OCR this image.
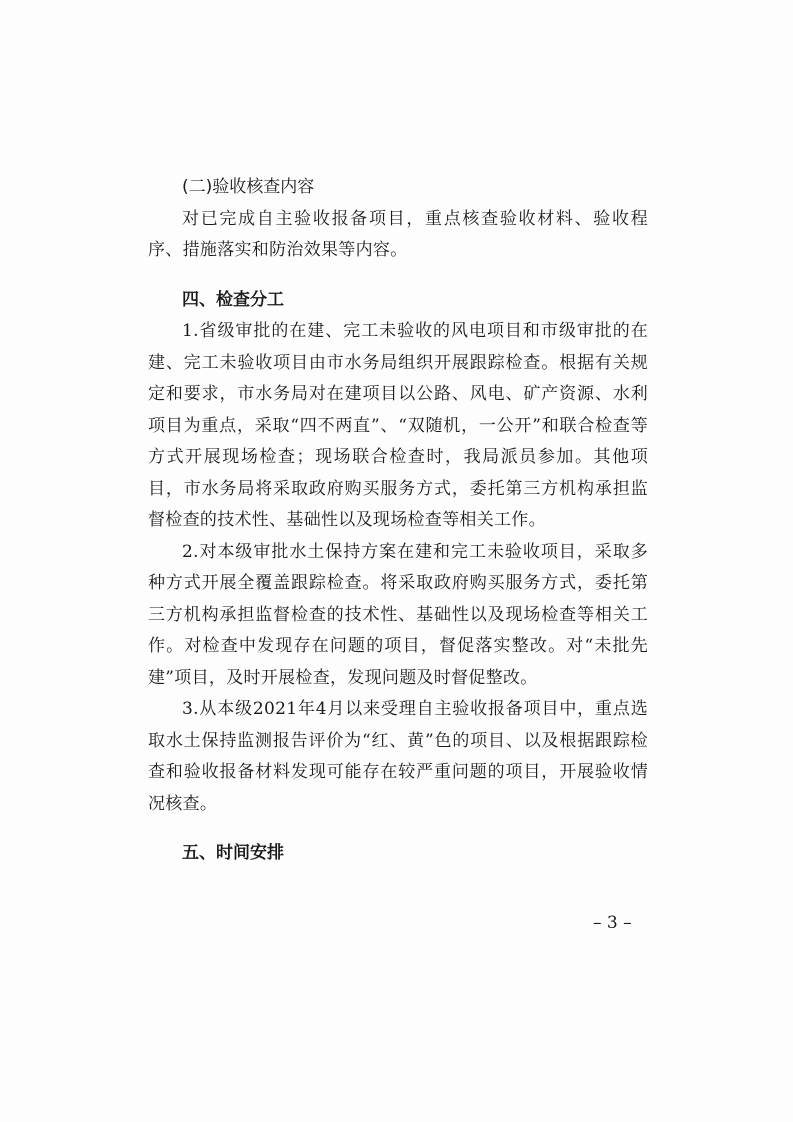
(二)验收核查内容

对已完成自主验收报备项目，重点核查验收材料、验收程序、措施落实和防治效果等内容。

四、检查分工

1.省级审批的在建、完工未验收的风电项目和市级审批的在建、完工未验收项目由市水务局组织开展跟踪检查。根据有关规定和要求，市水务局对在建项目以公路、风电、矿产资源、水利项目为重点，采取“四不两直”、“双随机，一公开”和联合检查等方式开展现场检查；现场联合检查时，我局派员参加。其他项目，市水务局将采取政府购买服务方式，委托第三方机构承担监督检查的技术性、基础性以及现场检查等相关工作。

2.对本级审批水土保持方案在建和完工未验收项目，采取多种方式开展全覆盖跟踪检查。将采取政府购买服务方式，委托第三方机构承担监督检查的技术性、基础性以及现场检查等相关工作。对检查中发现存在问题的项目，督促落实整改。对“未批先建”项目，及时开展检查，发现问题及时督促整改。

3.从本级2021年4月以来受理自主验收报备项目中，重点选取水土保持监测报告评价为“红、黄”色的项目、以及根据跟踪检查和验收报备材料发现可能存在较严重问题的项目，开展验收情况核查。

五、时间安排

– 3 –
